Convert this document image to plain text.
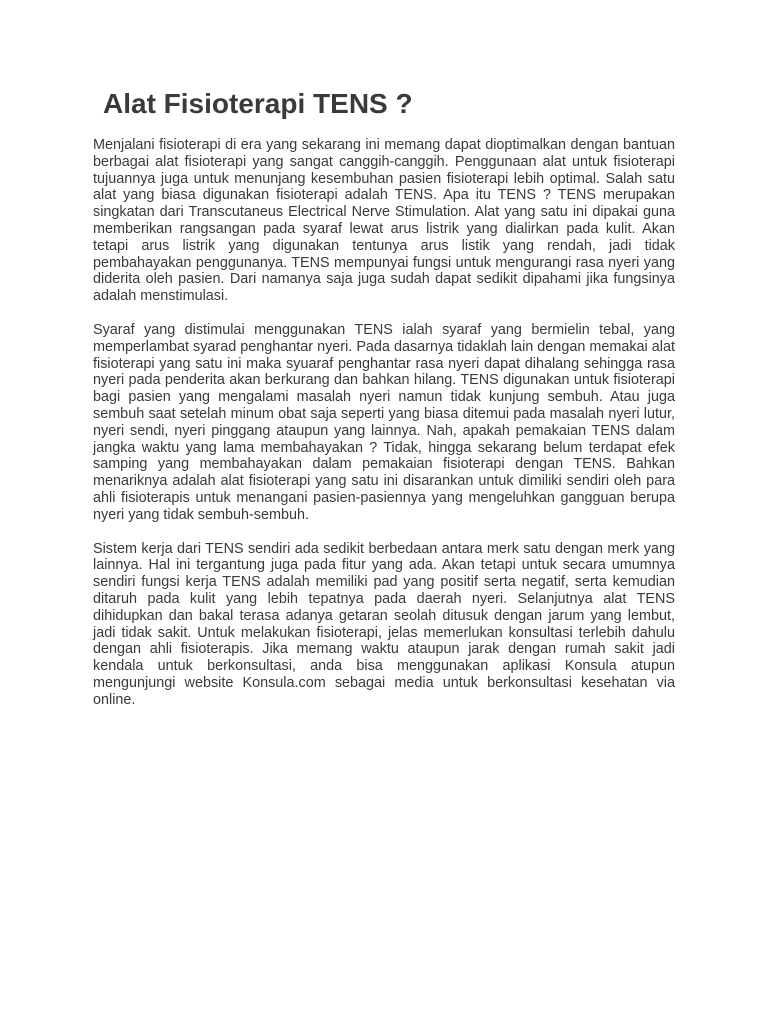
Alat Fisioterapi TENS ?

Menjalani fisioterapi di era yang sekarang ini memang dapat dioptimalkan dengan bantuan berbagai alat fisioterapi yang sangat canggih-canggih. Penggunaan alat untuk fisioterapi tujuannya juga untuk menunjang kesembuhan pasien fisioterapi lebih optimal. Salah satu alat yang biasa digunakan fisioterapi adalah TENS. Apa itu TENS ? TENS merupakan singkatan dari Transcutaneus Electrical Nerve Stimulation. Alat yang satu ini dipakai guna memberikan rangsangan pada syaraf lewat arus listrik yang dialirkan pada kulit. Akan tetapi arus listrik yang digunakan tentunya arus listik yang rendah, jadi tidak pembahayakan penggunanya. TENS mempunyai fungsi untuk mengurangi rasa nyeri yang diderita oleh pasien. Dari namanya saja juga sudah dapat sedikit dipahami jika fungsinya adalah menstimulasi.

Syaraf yang distimulai menggunakan TENS ialah syaraf yang bermielin tebal, yang memperlambat syarad penghantar nyeri. Pada dasarnya tidaklah lain dengan memakai alat fisioterapi yang satu ini maka syuaraf penghantar rasa nyeri dapat dihalang sehingga rasa nyeri pada penderita akan berkurang dan bahkan hilang. TENS digunakan untuk fisioterapi bagi pasien yang mengalami masalah nyeri namun tidak kunjung sembuh. Atau juga sembuh saat setelah minum obat saja seperti yang biasa ditemui pada masalah nyeri lutur, nyeri sendi, nyeri pinggang ataupun yang lainnya. Nah, apakah pemakaian TENS dalam jangka waktu yang lama membahayakan ? Tidak, hingga sekarang belum terdapat efek samping yang membahayakan dalam pemakaian fisioterapi dengan TENS. Bahkan menariknya adalah alat fisioterapi yang satu ini disarankan untuk dimiliki sendiri oleh para ahli fisioterapis untuk menangani pasien-pasiennya yang mengeluhkan gangguan berupa nyeri yang tidak sembuh-sembuh.

Sistem kerja dari TENS sendiri ada sedikit berbedaan antara merk satu dengan merk yang lainnya. Hal ini tergantung juga pada fitur yang ada. Akan tetapi untuk secara umumnya sendiri fungsi kerja TENS adalah memiliki pad yang positif serta negatif, serta kemudian ditaruh pada kulit yang lebih tepatnya pada daerah nyeri. Selanjutnya alat TENS dihidupkan dan bakal terasa adanya getaran seolah ditusuk dengan jarum yang lembut, jadi tidak sakit. Untuk melakukan fisioterapi, jelas memerlukan konsultasi terlebih dahulu dengan ahli fisioterapis. Jika memang waktu ataupun jarak dengan rumah sakit jadi kendala untuk berkonsultasi, anda bisa menggunakan aplikasi Konsula atupun mengunjungi website Konsula.com sebagai media untuk berkonsultasi kesehatan via online.
